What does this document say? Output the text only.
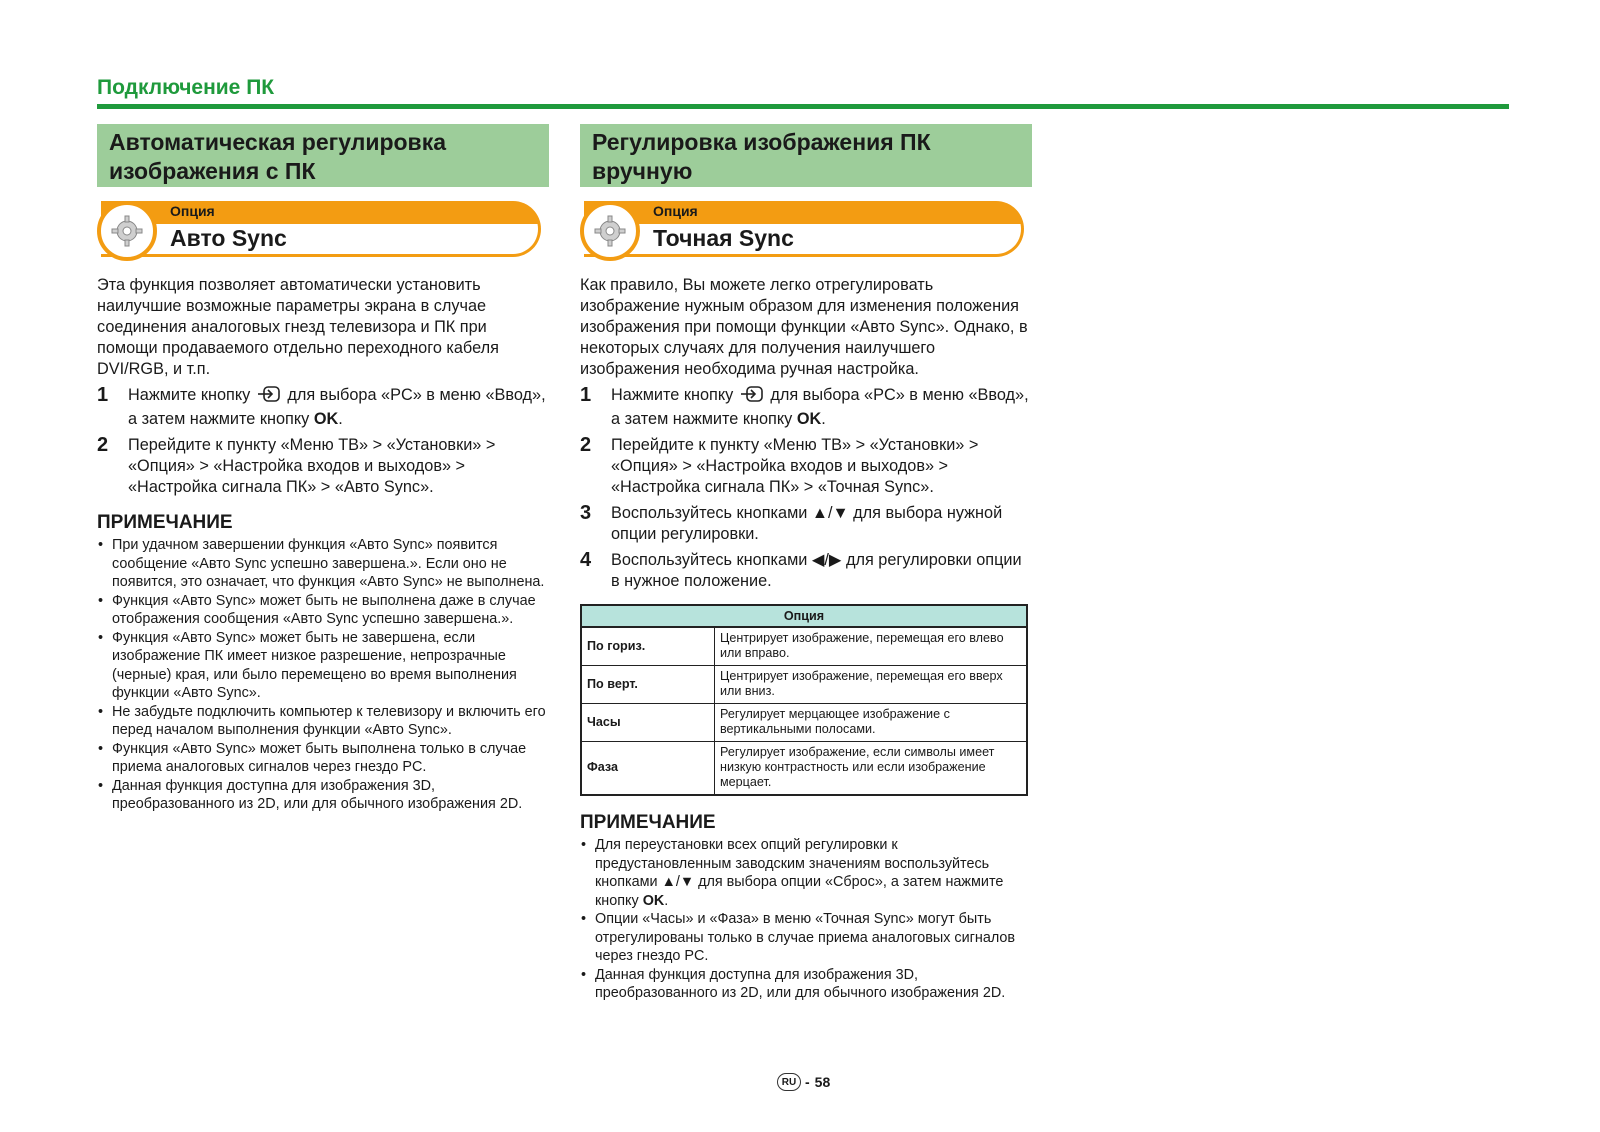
Подключение ПК
Автоматическая регулировка изображения с ПК
Опция
Авто Sync
Эта функция позволяет автоматически установить наилучшие возможные параметры экрана в случае соединения аналоговых гнезд телевизора и ПК при помощи продаваемого отдельно переходного кабеля DVI/RGB, и т.п.
1	Нажмите кнопку для выбора «PC» в меню «Ввод», а затем нажмите кнопку OK.
2	Перейдите к пункту «Меню ТВ» > «Установки» > «Опция» > «Настройка входов и выходов» > «Настройка сигнала ПК» > «Авто Sync».
ПРИМЕЧАНИЕ
• При удачном завершении функция «Авто Sync» появится сообщение «Авто Sync успешно завершена.». Если оно не появится, это означает, что функция «Авто Sync» не выполнена.
• Функция «Авто Sync» может быть не выполнена даже в случае отображения сообщения «Авто Sync успешно завершена.».
• Функция «Авто Sync» может быть не завершена, если изображение ПК имеет низкое разрешение, непрозрачные (черные) края, или было перемещено во время выполнения функции «Авто Sync».
• Не забудьте подключить компьютер к телевизору и включить его перед началом выполнения функции «Авто Sync».
• Функция «Авто Sync» может быть выполнена только в случае приема аналоговых сигналов через гнездо PC.
• Данная функция доступна для изображения 3D, преобразованного из 2D, или для обычного изображения 2D.
Регулировка изображения ПК вручную
Опция
Точная Sync
Как правило, Вы можете легко отрегулировать изображение нужным образом для изменения положения изображения при помощи функции «Авто Sync». Однако, в некоторых случаях для получения наилучшего изображения необходима ручная настройка.
1	Нажмите кнопку для выбора «PC» в меню «Ввод», а затем нажмите кнопку OK.
2	Перейдите к пункту «Меню ТВ» > «Установки» > «Опция» > «Настройка входов и выходов» > «Настройка сигнала ПК» > «Точная Sync».
3	Воспользуйтесь кнопками ▲/▼ для выбора нужной опции регулировки.
4	Воспользуйтесь кнопками ◀/▶ для регулировки опции в нужное положение.
Опция	
По гориз.	Центрирует изображение, перемещая его влево или вправо.
По верт.	Центрирует изображение, перемещая его вверх или вниз.
Часы	Регулирует мерцающее изображение с вертикальными полосами.
Фаза	Регулирует изображение, если символы имеет низкую контрастность или если изображение мерцает.
ПРИМЕЧАНИЕ
• Для переустановки всех опций регулировки к предустановленным заводским значениям воспользуйтесь кнопками ▲/▼ для выбора опции «Сброс», а затем нажмите кнопку OK.
• Опции «Часы» и «Фаза» в меню «Точная Sync» могут быть отрегулированы только в случае приема аналоговых сигналов через гнездо PC.
• Данная функция доступна для изображения 3D, преобразованного из 2D, или для обычного изображения 2D.
RU - 58
